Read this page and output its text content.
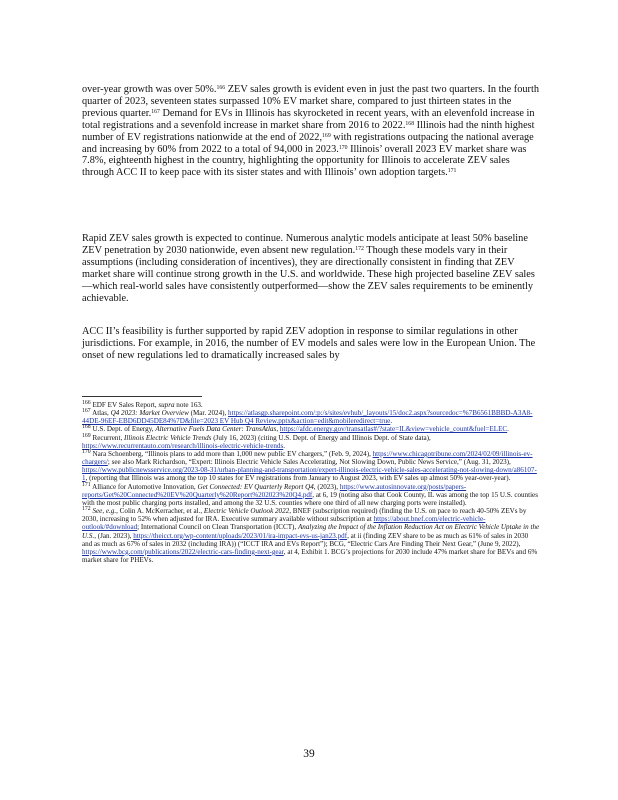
over-year growth was over 50%.$^{166}$ ZEV sales growth is evident even in just the past two quarters. In the fourth quarter of 2023, seventeen states surpassed 10% EV market share, compared to just thirteen states in the previous quarter.$^{167}$ Demand for EVs in Illinois has skyrocketed in recent years, with an elevenfold increase in total registrations and a sevenfold increase in market share from 2016 to 2022.$^{168}$ Illinois had the ninth highest number of EV registrations nationwide at the end of 2022,$^{169}$ with registrations outpacing the national average and increasing by 60% from 2022 to a total of 94,000 in 2023.$^{170}$ Illinois’ overall 2023 EV market share was 7.8%, eighteenth highest in the country, highlighting the opportunity for Illinois to accelerate ZEV sales through ACC II to keep pace with its sister states and with Illinois’ own adoption targets.$^{171}$

Rapid ZEV sales growth is expected to continue. Numerous analytic models anticipate at least 50% baseline ZEV penetration by 2030 nationwide, even absent new regulation.$^{172}$ Though these models vary in their assumptions (including consideration of incentives), they are directionally consistent in finding that ZEV market share will continue strong growth in the U.S. and worldwide. These high projected baseline ZEV sales—which real-world sales have consistently outperformed—show the ZEV sales requirements to be eminently achievable.

ACC II’s feasibility is further supported by rapid ZEV adoption in response to similar regulations in other jurisdictions. For example, in 2016, the number of EV models and sales were low in the European Union. The onset of new regulations led to dramatically increased sales by

$^{166}$ EDF EV Sales Report, supra note 163.

$^{167}$ Atlas, Q4 2023: Market Overview (Mar. 2024), https://atlasgp.sharepoint.com/:p:/s/sites/evhub/_layouts/15/doc2.aspx?sourcedoc=%7B6561BBBD-A3A8-44DE-96EF-EBD6DD45DE84%7D&file=2023 EV Hub Q4 Review.pptx&action=edit&mobileredirect=true.

$^{168}$ U.S. Dept. of Energy, Alternative Fuels Data Center: TransAtlas, https://afdc.energy.gov/transatlas#/?state=IL&view=vehicle_count&fuel=ELEC.

$^{169}$ Recurrent, Illinois Electric Vehicle Trends (July 16, 2023) (citing U.S. Dept. of Energy and Illinois Dept. of State data), https://www.recurrentauto.com/research/illinois-electric-vehicle-trends.

$^{170}$ Nara Schoenberg, “Illinois plans to add more than 1,000 new public EV chargers,” (Feb. 9, 2024), https://www.chicagotribune.com/2024/02/09/illinois-ev-chargers/; see also Mark Richardson, “Expert: Illinois Electric Vehicle Sales Accelerating, Not Slowing Down, Public News Service,” (Aug. 31, 2023), https://www.publicnewsservice.org/2023-08-31/urban-planning-and-transportation/expert-illinois-electric-vehicle-sales-accelerating-not-slowing-down/a86107-1, (reporting that Illinois was among the top 10 states for EV registrations from January to August 2023, with EV sales up almost 50% year-over-year).

$^{171}$ Alliance for Automotive Innovation, Get Connected: EV Quarterly Report Q4, (2023), https://www.autosinnovate.org/posts/papers-reports/Get%20Connected%20EV%20Quarterly%20Report%202023%20Q4.pdf, at 6, 19 (noting also that Cook County, IL was among the top 15 U.S. counties with the most public charging ports installed, and among the 32 U.S. counties where one third of all new charging ports were installed).

$^{172}$ See, e.g., Colin A. McKerracher, et al., Electric Vehicle Outlook 2022, BNEF (subscription required) (finding the U.S. on pace to reach 40-50% ZEVs by 2030, increasing to 52% when adjusted for IRA. Executive summary available without subscription at https://about.bnef.com/electric-vehicle-outlook/#download; International Council on Clean Transportation (ICCT), Analyzing the Impact of the Inflation Reduction Act on Electric Vehicle Uptake in the U.S., (Jan. 2023), https://theicct.org/wp-content/uploads/2023/01/ira-impact-evs-us-jan23.pdf, at ii (finding ZEV share to be as much as 61% of sales in 2030 and as much as 67% of sales in 2032 (including IRA)) (“ICCT IRA and EVs Report”); BCG, “Electric Cars Are Finding Their Next Gear,” (June 9, 2022), https://www.bcg.com/publications/2022/electric-cars-finding-next-gear, at 4, Exhibit 1. BCG’s projections for 2030 include 47% market share for BEVs and 6% market share for PHEVs.

39
